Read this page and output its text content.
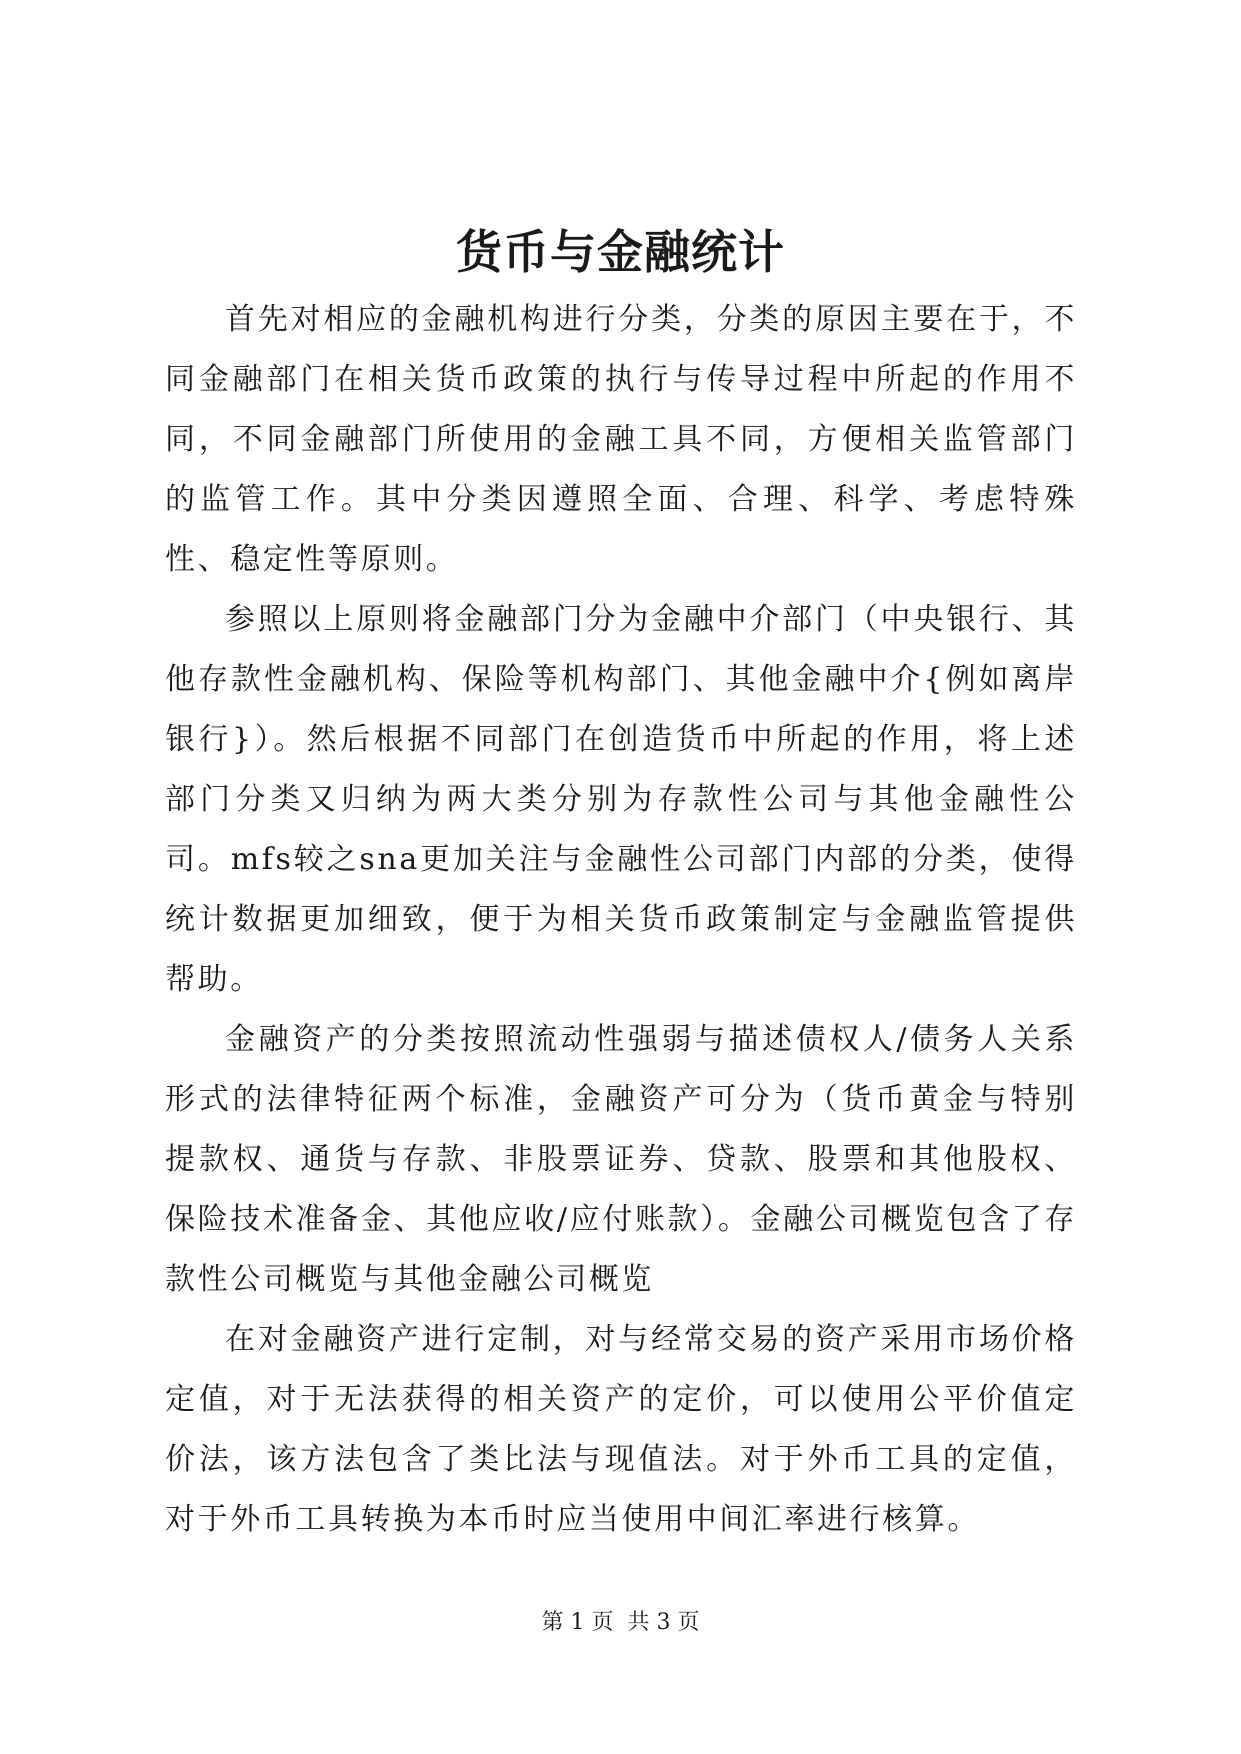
货币与金融统计

首先对相应的金融机构进行分类，分类的原因主要在于，不同金融部门在相关货币政策的执行与传导过程中所起的作用不同，不同金融部门所使用的金融工具不同，方便相关监管部门的监管工作。其中分类因遵照全面、合理、科学、考虑特殊性、稳定性等原则。

参照以上原则将金融部门分为金融中介部门（中央银行、其他存款性金融机构、保险等机构部门、其他金融中介{例如离岸银行}）。然后根据不同部门在创造货币中所起的作用，将上述部门分类又归纳为两大类分别为存款性公司与其他金融性公司。mfs较之sna更加关注与金融性公司部门内部的分类，使得统计数据更加细致，便于为相关货币政策制定与金融监管提供帮助。

金融资产的分类按照流动性强弱与描述债权人/债务人关系形式的法律特征两个标准，金融资产可分为（货币黄金与特别提款权、通货与存款、非股票证券、贷款、股票和其他股权、保险技术准备金、其他应收/应付账款）。金融公司概览包含了存款性公司概览与其他金融公司概览

在对金融资产进行定制，对与经常交易的资产采用市场价格定值，对于无法获得的相关资产的定价，可以使用公平价值定价法，该方法包含了类比法与现值法。对于外币工具的定值，对于外币工具转换为本币时应当使用中间汇率进行核算。

第 1 页  共 3 页
